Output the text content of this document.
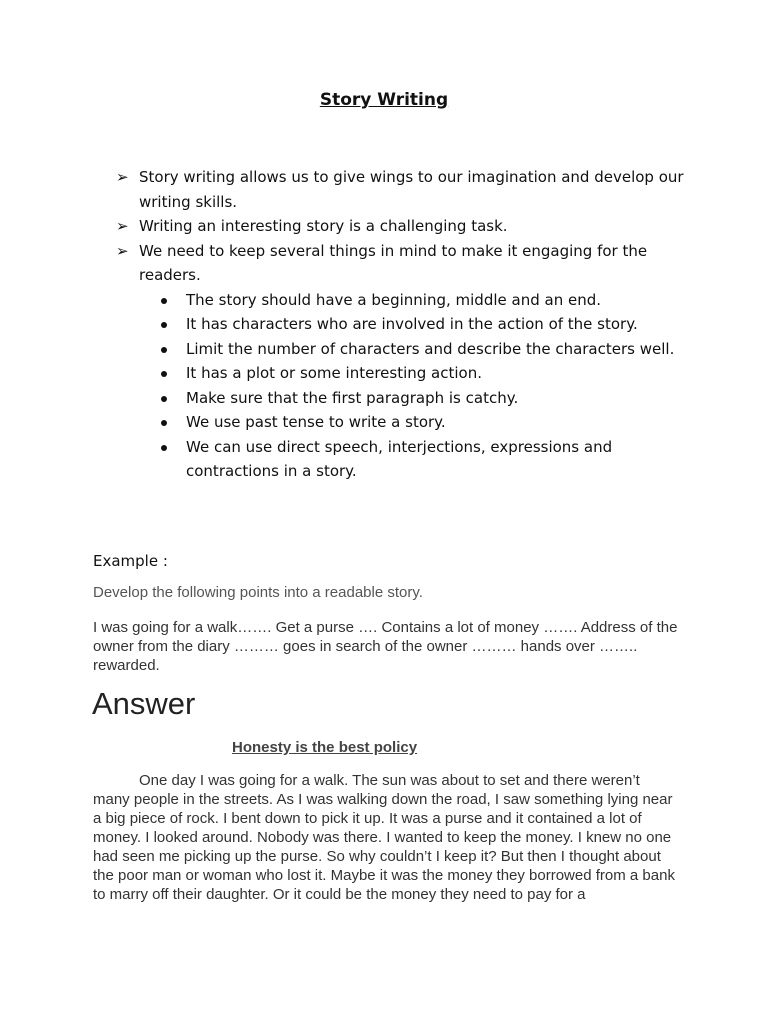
Story Writing
➢ Story writing allows us to give wings to our imagination and develop our writing skills.
➢ Writing an interesting story is a challenging task.
➢ We need to keep several things in mind to make it engaging for the readers.
The story should have a beginning, middle and an end.
It has characters who are involved in the action of the story.
Limit the number of characters and describe the characters well.
It has a plot or some interesting action.
Make sure that the first paragraph is catchy.
We use past tense to write a story.
We can use direct speech, interjections, expressions and contractions in a story.
Example :
Develop the following points into a readable story.
I was going for a walk……. Get a purse …. Contains a lot of money ……. Address of the owner from the diary ……… goes in search of the owner ……… hands over …….. rewarded.
Answer
Honesty is the best policy

One day I was going for a walk. The sun was about to set and there weren’t many people in the streets. As I was walking down the road, I saw something lying near a big piece of rock. I bent down to pick it up. It was a purse and it contained a lot of money. I looked around. Nobody was there. I wanted to keep the money. I knew no one had seen me picking up the purse. So why couldn’t I keep it? But then I thought about the poor man or woman who lost it. Maybe it was the money they borrowed from a bank to marry off their daughter. Or it could be the money they need to pay for a
